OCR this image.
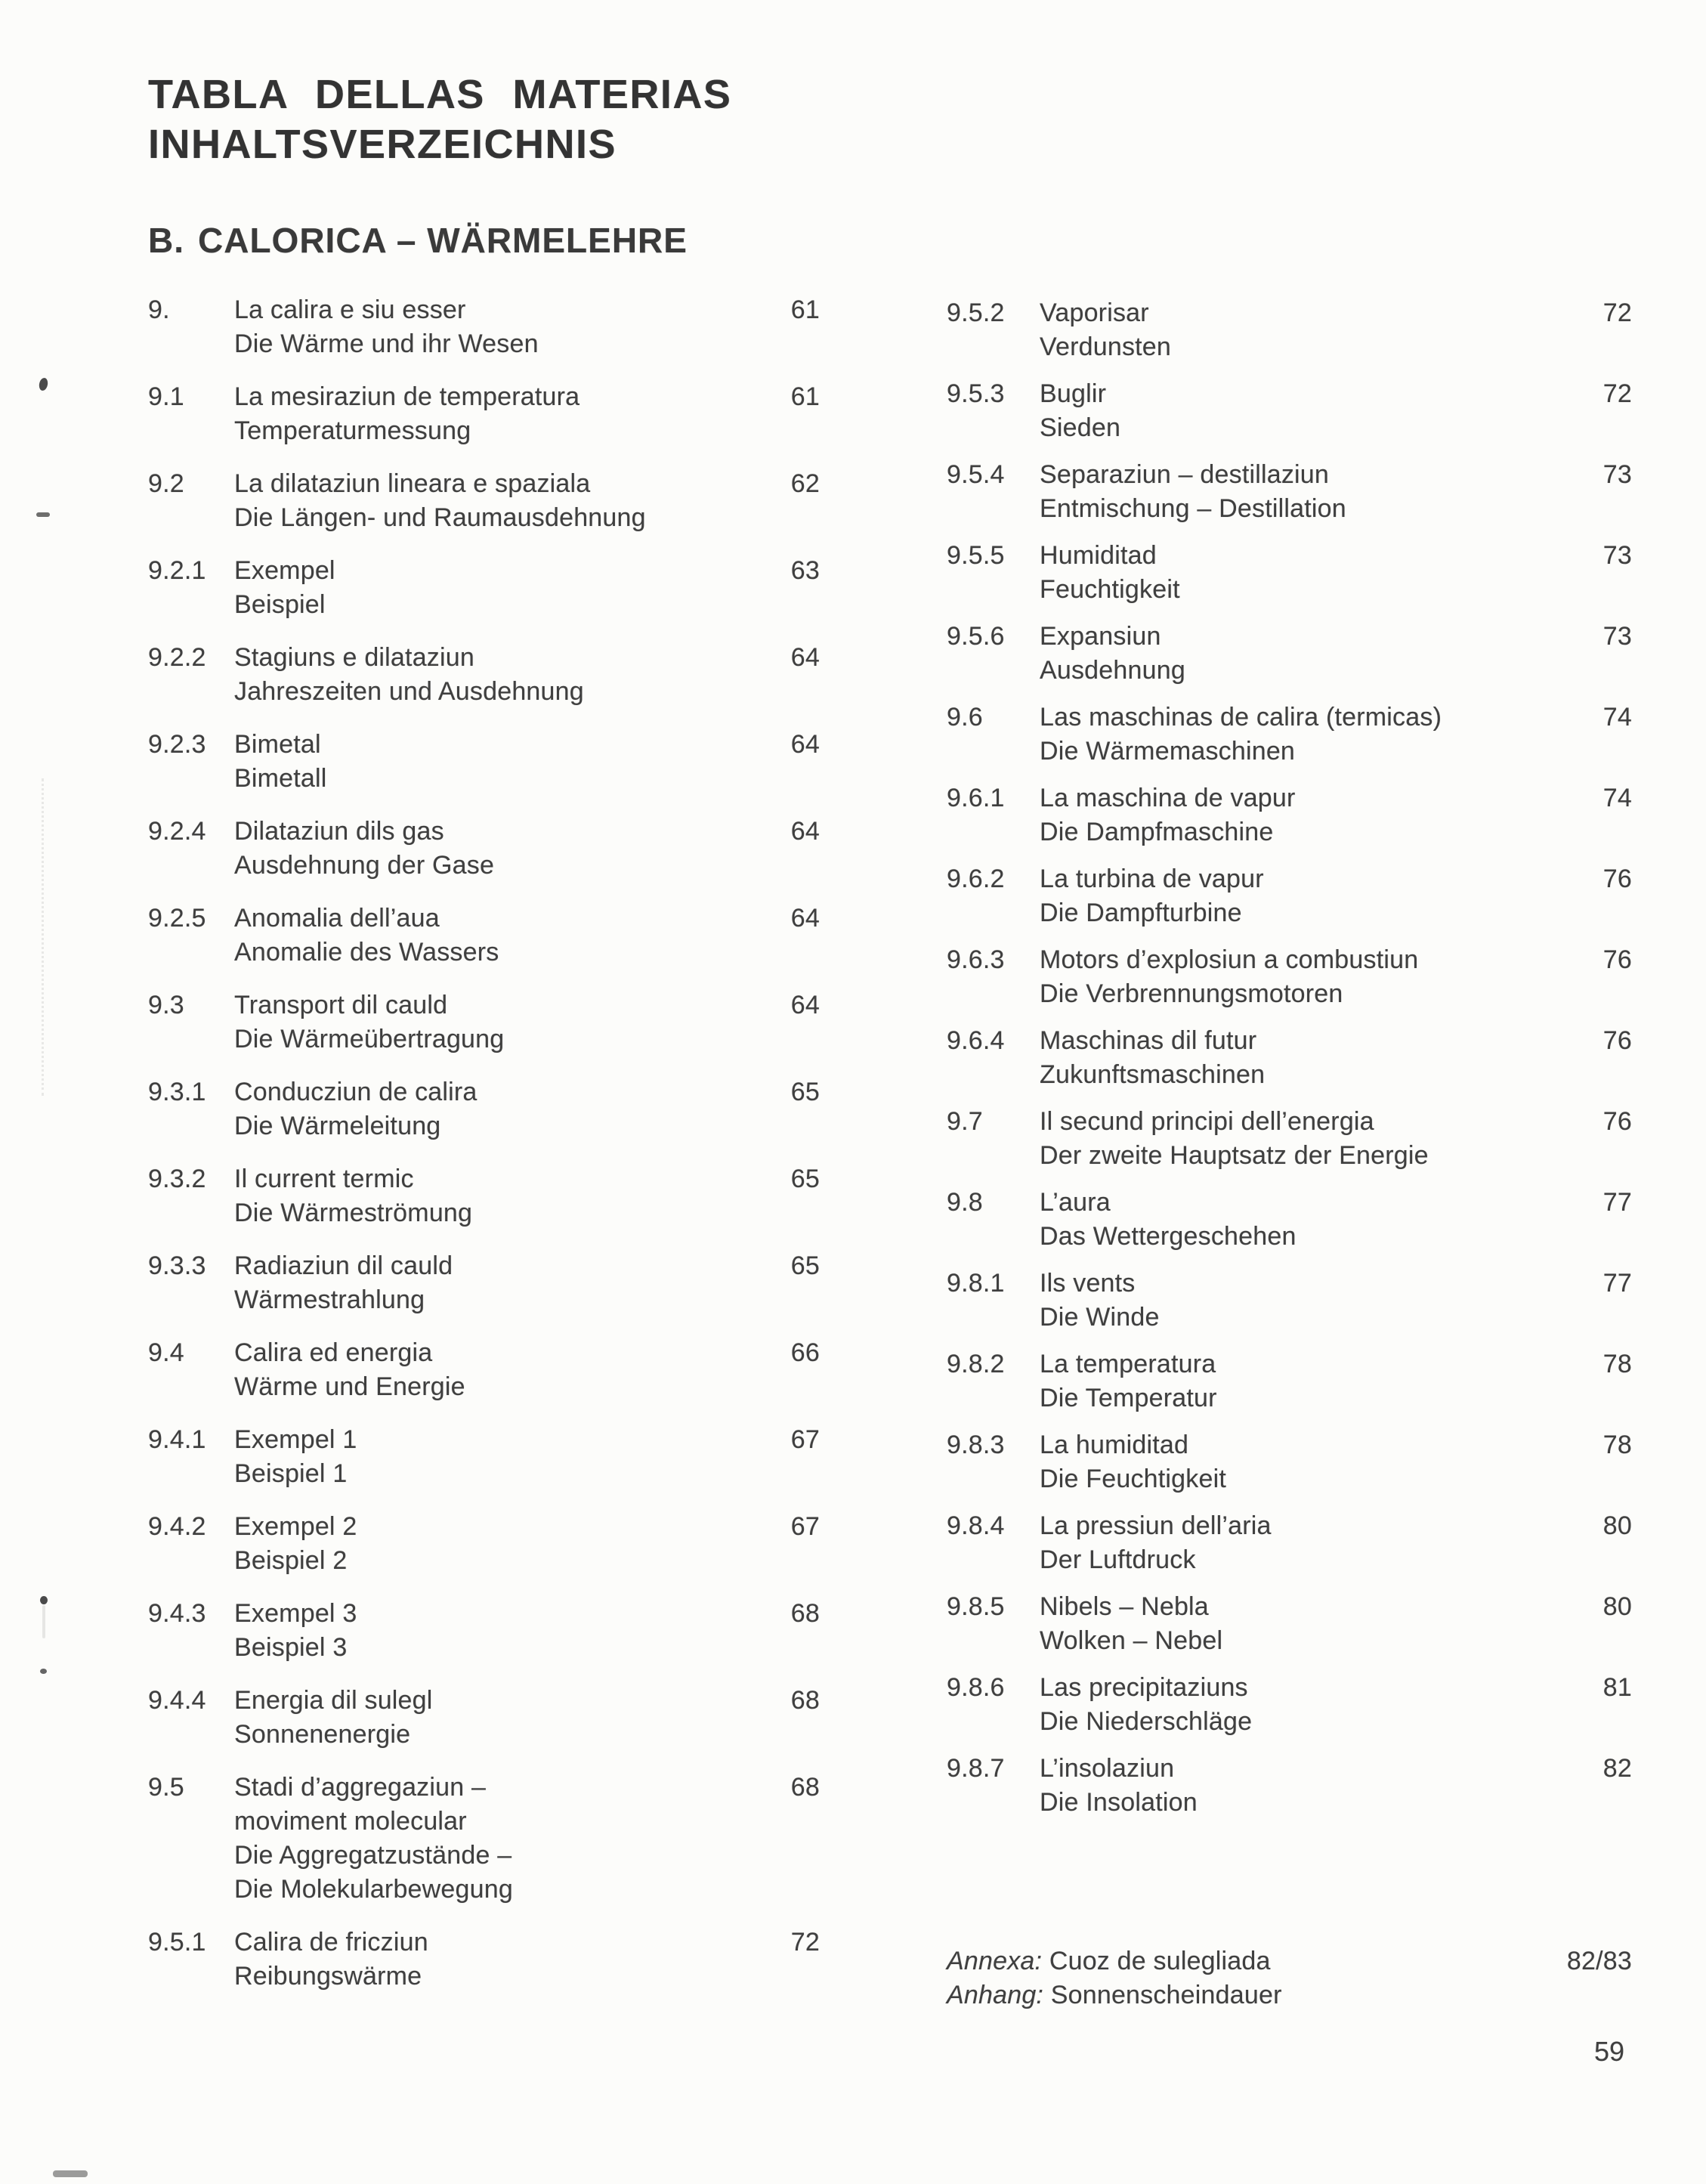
TABLA DELLAS MATERIAS
INHALTSVERZEICHNIS
B. CALORICA – WÄRMELEHRE
9.	La calira e siu esser
Die Wärme und ihr Wesen
61
9.1	La mesiraziun de temperatura
Temperaturmessung
61
9.2	La dilataziun lineara e spaziala
Die Längen- und Raumausdehnung
62
9.2.1	Exempel
Beispiel
63
9.2.2	Stagiuns e dilataziun
Jahreszeiten und Ausdehnung
64
9.2.3	Bimetal
Bimetall
64
9.2.4	Dilataziun dils gas
Ausdehnung der Gase
64
9.2.5	Anomalia dell’aua
Anomalie des Wassers
64
9.3	Transport dil cauld
Die Wärmeübertragung
64
9.3.1	Conducziun de calira
Die Wärmeleitung
65
9.3.2	Il current termic
Die Wärmeströmung
65
9.3.3	Radiaziun dil cauld
Wärmestrahlung
65
9.4	Calira ed energia
Wärme und Energie
66
9.4.1	Exempel 1
Beispiel 1
67
9.4.2	Exempel 2
Beispiel 2
67
9.4.3	Exempel 3
Beispiel 3
68
9.4.4	Energia dil sulegl
Sonnenenergie
68
9.5	Stadi d’aggregaziun –
moviment molecular
Die Aggregatzustände –
Die Molekularbewegung
68
9.5.1	Calira de fricziun
Reibungswärme
72
9.5.2	Vaporisar
Verdunsten
72
9.5.3	Buglir
Sieden
72
9.5.4	Separaziun – destillaziun
Entmischung – Destillation
73
9.5.5	Humiditad
Feuchtigkeit
73
9.5.6	Expansiun
Ausdehnung
73
9.6	Las maschinas de calira (termicas)
Die Wärmemaschinen
74
9.6.1	La maschina de vapur
Die Dampfmaschine
74
9.6.2	La turbina de vapur
Die Dampfturbine
76
9.6.3	Motors d’explosiun a combustiun
Die Verbrennungsmotoren
76
9.6.4	Maschinas dil futur
Zukunftsmaschinen
76
9.7	Il secund principi dell’energia
Der zweite Hauptsatz der Energie
76
9.8	L’aura
Das Wettergeschehen
77
9.8.1	Ils vents
Die Winde
77
9.8.2	La temperatura
Die Temperatur
78
9.8.3	La humiditad
Die Feuchtigkeit
78
9.8.4	La pressiun dell’aria
Der Luftdruck
80
9.8.5	Nibels – Nebla
Wolken – Nebel
80
9.8.6	Las precipitaziuns
Die Niederschläge
81
9.8.7	L’insolaziun
Die Insolation
82
Annexa: Cuoz de sulegliada
Anhang: Sonnenscheindauer
82/83
59
